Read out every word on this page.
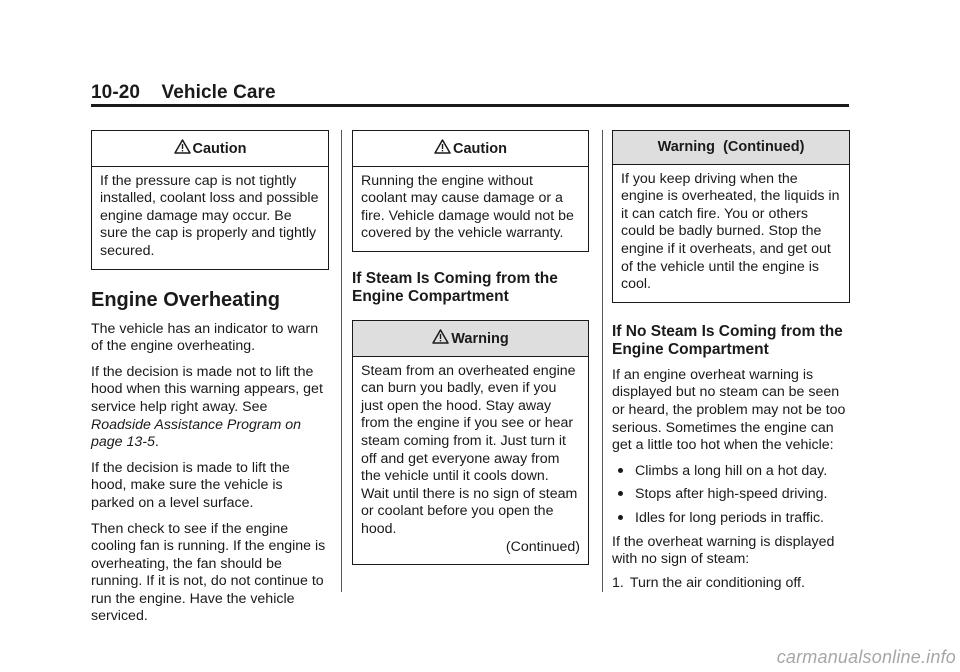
10-20 Vehicle Care
Caution

If the pressure cap is not tightly installed, coolant loss and possible engine damage may occur. Be sure the cap is properly and tightly secured.

Engine Overheating

The vehicle has an indicator to warn of the engine overheating.

If the decision is made not to lift the hood when this warning appears, get service help right away. See Roadside Assistance Program on page 13-5.

If the decision is made to lift the hood, make sure the vehicle is parked on a level surface.

Then check to see if the engine cooling fan is running. If the engine is overheating, the fan should be running. If it is not, do not continue to run the engine. Have the vehicle serviced.

Caution

Running the engine without coolant may cause damage or a fire. Vehicle damage would not be covered by the vehicle warranty.

If Steam Is Coming from the Engine Compartment
Warning

Steam from an overheated engine can burn you badly, even if you just open the hood. Stay away from the engine if you see or hear steam coming from it. Just turn it off and get everyone away from the vehicle until it cools down. Wait until there is no sign of steam or coolant before you open the hood.

(Continued)

Warning  (Continued)

If you keep driving when the engine is overheated, the liquids in it can catch fire. You or others could be badly burned. Stop the engine if it overheats, and get out of the vehicle until the engine is cool.

If No Steam Is Coming from the Engine Compartment

If an engine overheat warning is displayed but no steam can be seen or heard, the problem may not be too serious. Sometimes the engine can get a little too hot when the vehicle:

Climbs a long hill on a hot day.
Stops after high-speed driving.
Idles for long periods in traffic.

If the overheat warning is displayed with no sign of steam:

1. Turn the air conditioning off.
carmanualsonline.info
